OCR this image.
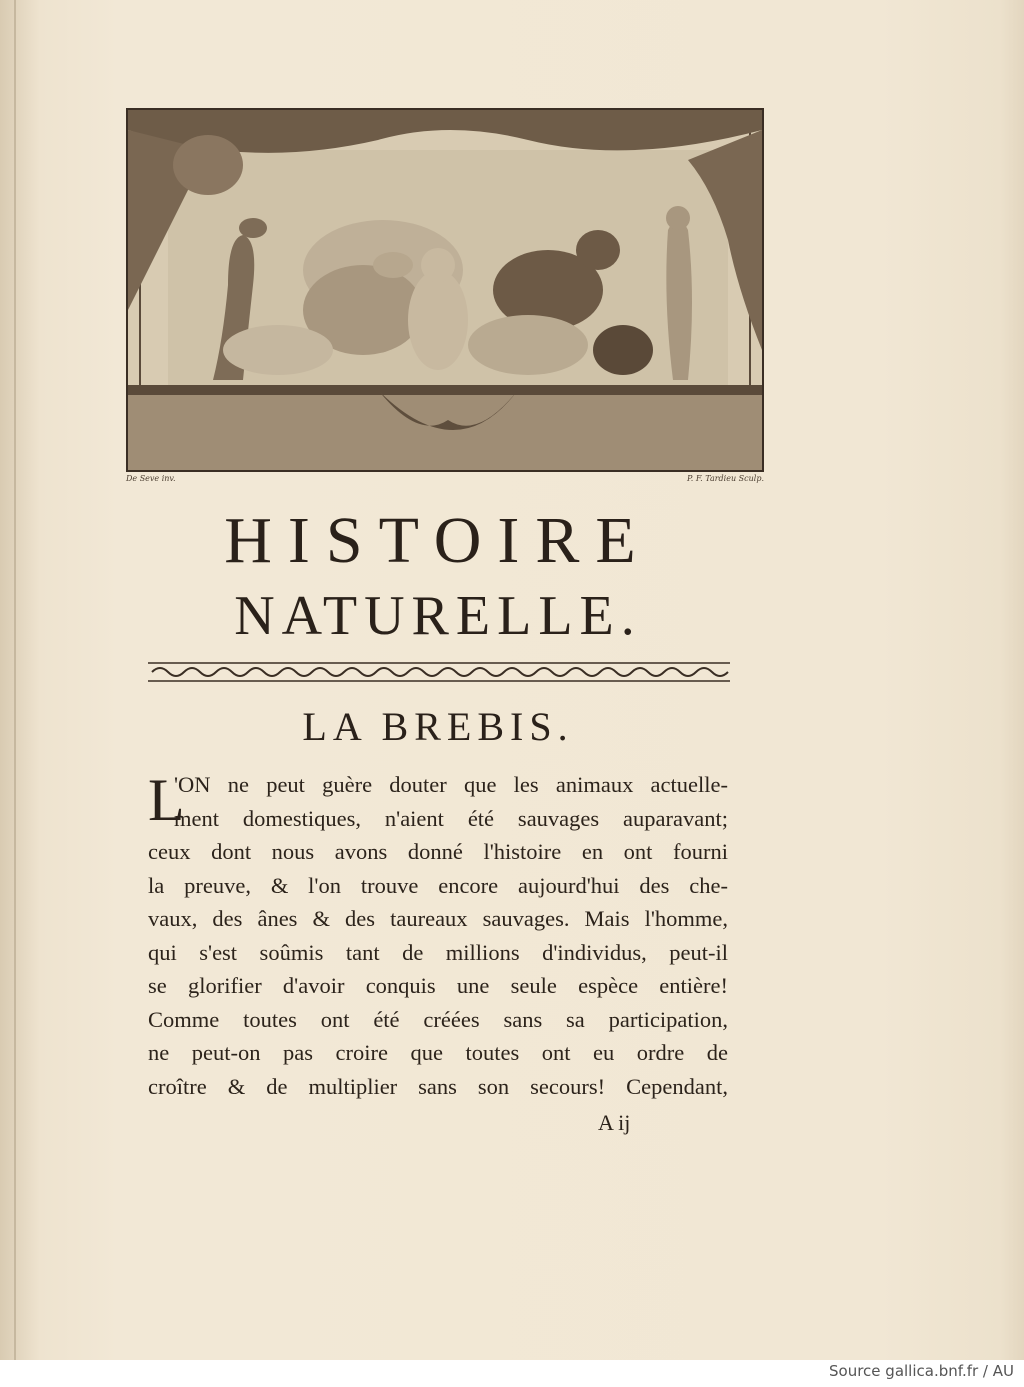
De Seve inv.	P. F. Tardieu Sculp.
HISTOIRE
NATURELLE.
LA BREBIS.
L
'ON ne peut guère douter que les animaux actuelle-
ment domestiques, n'aient été sauvages auparavant;
ceux dont nous avons donné l'histoire en ont fourni
la preuve, & l'on trouve encore aujourd'hui des che-
vaux, des ânes & des taureaux sauvages. Mais l'homme,
qui s'est soûmis tant de millions d'individus, peut-il
se glorifier d'avoir conquis une seule espèce entière!
Comme toutes ont été créées sans sa participation,
ne peut-on pas croire que toutes ont eu ordre de
croître & de multiplier sans son secours! Cependant,
A ij
Source gallica.bnf.fr / AU
